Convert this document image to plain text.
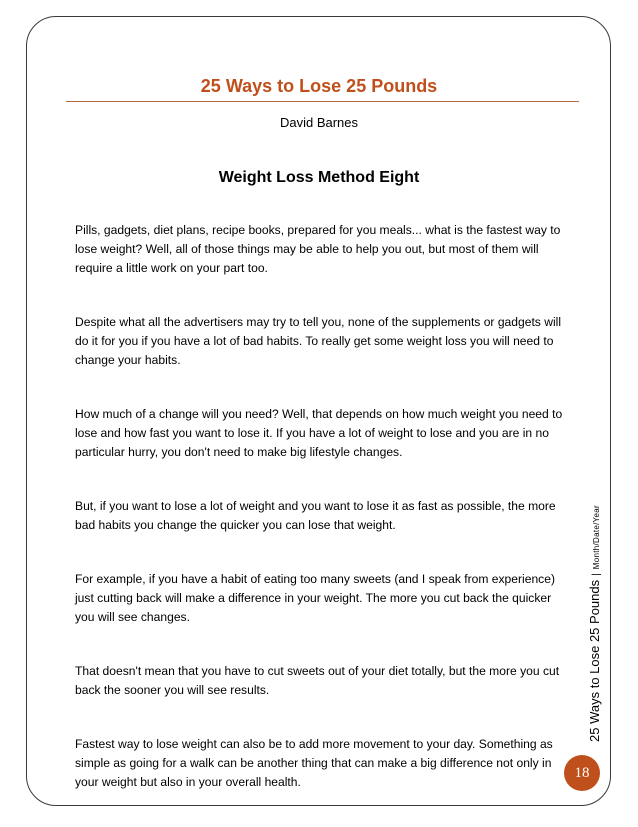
25 Ways to Lose 25 Pounds
David Barnes
Weight Loss Method Eight

Pills, gadgets, diet plans, recipe books, prepared for you meals... what is the fastest way to lose weight? Well, all of those things may be able to help you out, but most of them will require a little work on your part too.

Despite what all the advertisers may try to tell you, none of the supplements or gadgets will do it for you if you have a lot of bad habits. To really get some weight loss you will need to change your habits.

How much of a change will you need? Well, that depends on how much weight you need to lose and how fast you want to lose it. If you have a lot of weight to lose and you are in no particular hurry, you don't need to make big lifestyle changes.

But, if you want to lose a lot of weight and you want to lose it as fast as possible, the more bad habits you change the quicker you can lose that weight.

For example, if you have a habit of eating too many sweets (and I speak from experience) just cutting back will make a difference in your weight. The more you cut back the quicker you will see changes.

That doesn't mean that you have to cut sweets out of your diet totally, but the more you cut back the sooner you will see results.

Fastest way to lose weight can also be to add more movement to your day. Something as simple as going for a walk can be another thing that can make a big difference not only in your weight but also in your overall health.

25 Ways to Lose 25 Pounds
|
Month/Date/Year
18
